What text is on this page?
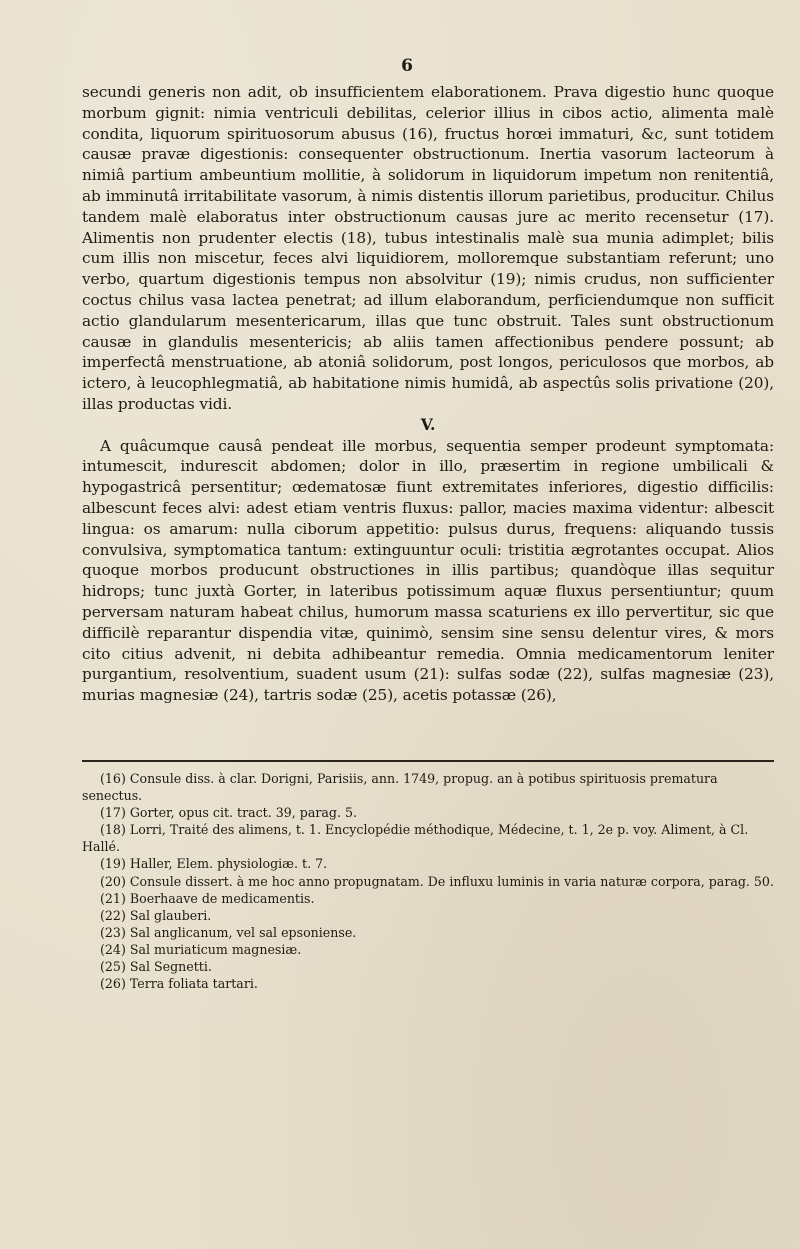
6

secundi generis non adit, ob insufficientem elaborationem. Prava digestio hunc quoque morbum gignit: nimia ventriculi debilitas, celerior illius in cibos actio, alimenta malè condita, liquorum spirituosorum abusus (16), fructus horœi immaturi, &c, sunt totidem causæ pravæ digestionis: consequenter obstructionum. Inertia vasorum lacteorum à nimiâ partium ambeuntium mollitie, à solidorum in liquidorum impetum non renitentiâ, ab imminutâ irritabilitate vasorum, à nimis distentis illorum parietibus, producitur. Chilus tandem malè elaboratus inter obstructionum causas jure ac merito recensetur (17). Alimentis non prudenter electis (18), tubus intestinalis malè sua munia adimplet; bilis cum illis non miscetur, feces alvi liquidiorem, molloremque substantiam referunt; uno verbo, quartum digestionis tempus non absolvitur (19); nimis crudus, non sufficienter coctus chilus vasa lactea penetrat; ad illum elaborandum, perficiendumque non sufficit actio glandularum mesentericarum, illas que tunc obstruit. Tales sunt obstructionum causæ in glandulis mesentericis; ab aliis tamen affectionibus pendere possunt; ab imperfectâ menstruatione, ab atoniâ solidorum, post longos, periculosos que morbos, ab ictero, à leucophlegmatiâ, ab habitatione nimis humidâ, ab aspectûs solis privatione (20), illas productas vidi.

V.

A quâcumque causâ pendeat ille morbus, sequentia semper prodeunt symptomata: intumescit, indurescit abdomen; dolor in illo, præsertim in regione umbilicali & hypogastricâ persentitur; œdematosæ fiunt extremitates inferiores, digestio difficilis: albescunt feces alvi: adest etiam ventris fluxus: pallor, macies maxima videntur: albescit lingua: os amarum: nulla ciborum appetitio: pulsus durus, frequens: aliquando tussis convulsiva, symptomatica tantum: extinguuntur oculi: tristitia ægrotantes occupat. Alios quoque morbos producunt obstructiones in illis partibus; quandòque illas sequitur hidrops; tunc juxtà Gorter, in lateribus potissimum aquæ fluxus persentiuntur; quum perversam naturam habeat chilus, humorum massa scaturiens ex illo pervertitur, sic que difficilè reparantur dispendia vitæ, quinimò, sensim sine sensu delentur vires, & mors cito citius advenit, ni debita adhibeantur remedia. Omnia medicamentorum leniter purgantium, resolventium, suadent usum (21): sulfas sodæ (22), sulfas magnesiæ (23), murias magnesiæ (24), tartris sodæ (25), acetis potassæ (26),

(16) Consule diss. à clar. Dorigni, Parisiis, ann. 1749, propug. an à potibus spirituosis prematura senectus.

(17) Gorter, opus cit. tract. 39, parag. 5.

(18) Lorri, Traité des alimens, t. 1. Encyclopédie méthodique, Médecine, t. 1, 2e p. voy. Aliment, à Cl. Hallé.

(19) Haller, Elem. physiologiæ. t. 7.

(20) Consule dissert. à me hoc anno propugnatam. De influxu luminis in varia naturæ corpora, parag. 50.

(21) Boerhaave de medicamentis.

(22) Sal glauberi.

(23) Sal anglicanum, vel sal epsoniense.

(24) Sal muriaticum magnesiæ.

(25) Sal Segnetti.

(26) Terra foliata tartari.
